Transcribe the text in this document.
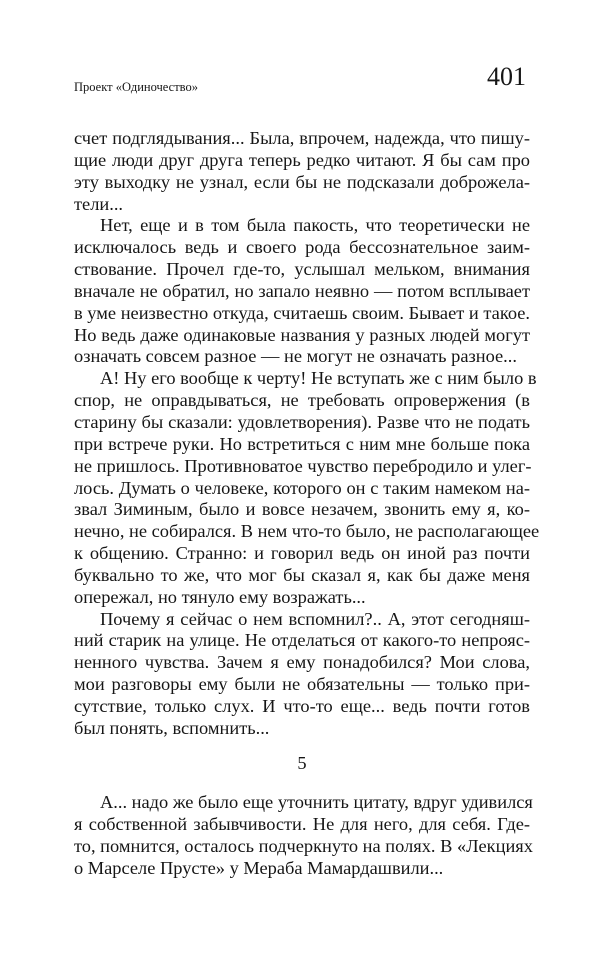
Проект «Одиночество»	401
счет подглядывания... Была, впрочем, надежда, что пишу-
щие люди друг друга теперь редко читают. Я бы сам про
эту выходку не узнал, если бы не подсказали доброжела-
тели...
Нет, еще и в том была пакость, что теоретически не
исключалось ведь и своего рода бессознательное заим-
ствование. Прочел где-то, услышал мельком, внимания
вначале не обратил, но запало неявно — потом всплывает
в уме неизвестно откуда, считаешь своим. Бывает и такое.
Но ведь даже одинаковые названия у разных людей могут
означать совсем разное — не могут не означать разное...
А! Ну его вообще к черту! Не вступать же с ним было в
спор, не оправдываться, не требовать опровержения (в
старину бы сказали: удовлетворения). Разве что не подать
при встрече руки. Но встретиться с ним мне больше пока
не пришлось. Противноватое чувство перебродило и улег-
лось. Думать о человеке, которого он с таким намеком на-
звал Зиминым, было и вовсе незачем, звонить ему я, ко-
нечно, не собирался. В нем что-то было, не располагающее
к общению. Странно: и говорил ведь он иной раз почти
буквально то же, что мог бы сказал я, как бы даже меня
опережал, но тянуло ему возражать...
Почему я сейчас о нем вспомнил?.. А, этот сегодняш-
ний старик на улице. Не отделаться от какого-то непрояс-
ненного чувства. Зачем я ему понадобился? Мои слова,
мои разговоры ему были не обязательны — только при-
сутствие, только слух. И что-то еще... ведь почти готов
был понять, вспомнить...
5
А... надо же было еще уточнить цитату, вдруг удивился
я собственной забывчивости. Не для него, для себя. Где-
то, помнится, осталось подчеркнуто на полях. В «Лекциях
о Марселе Прусте» у Мераба Мамардашвили...
